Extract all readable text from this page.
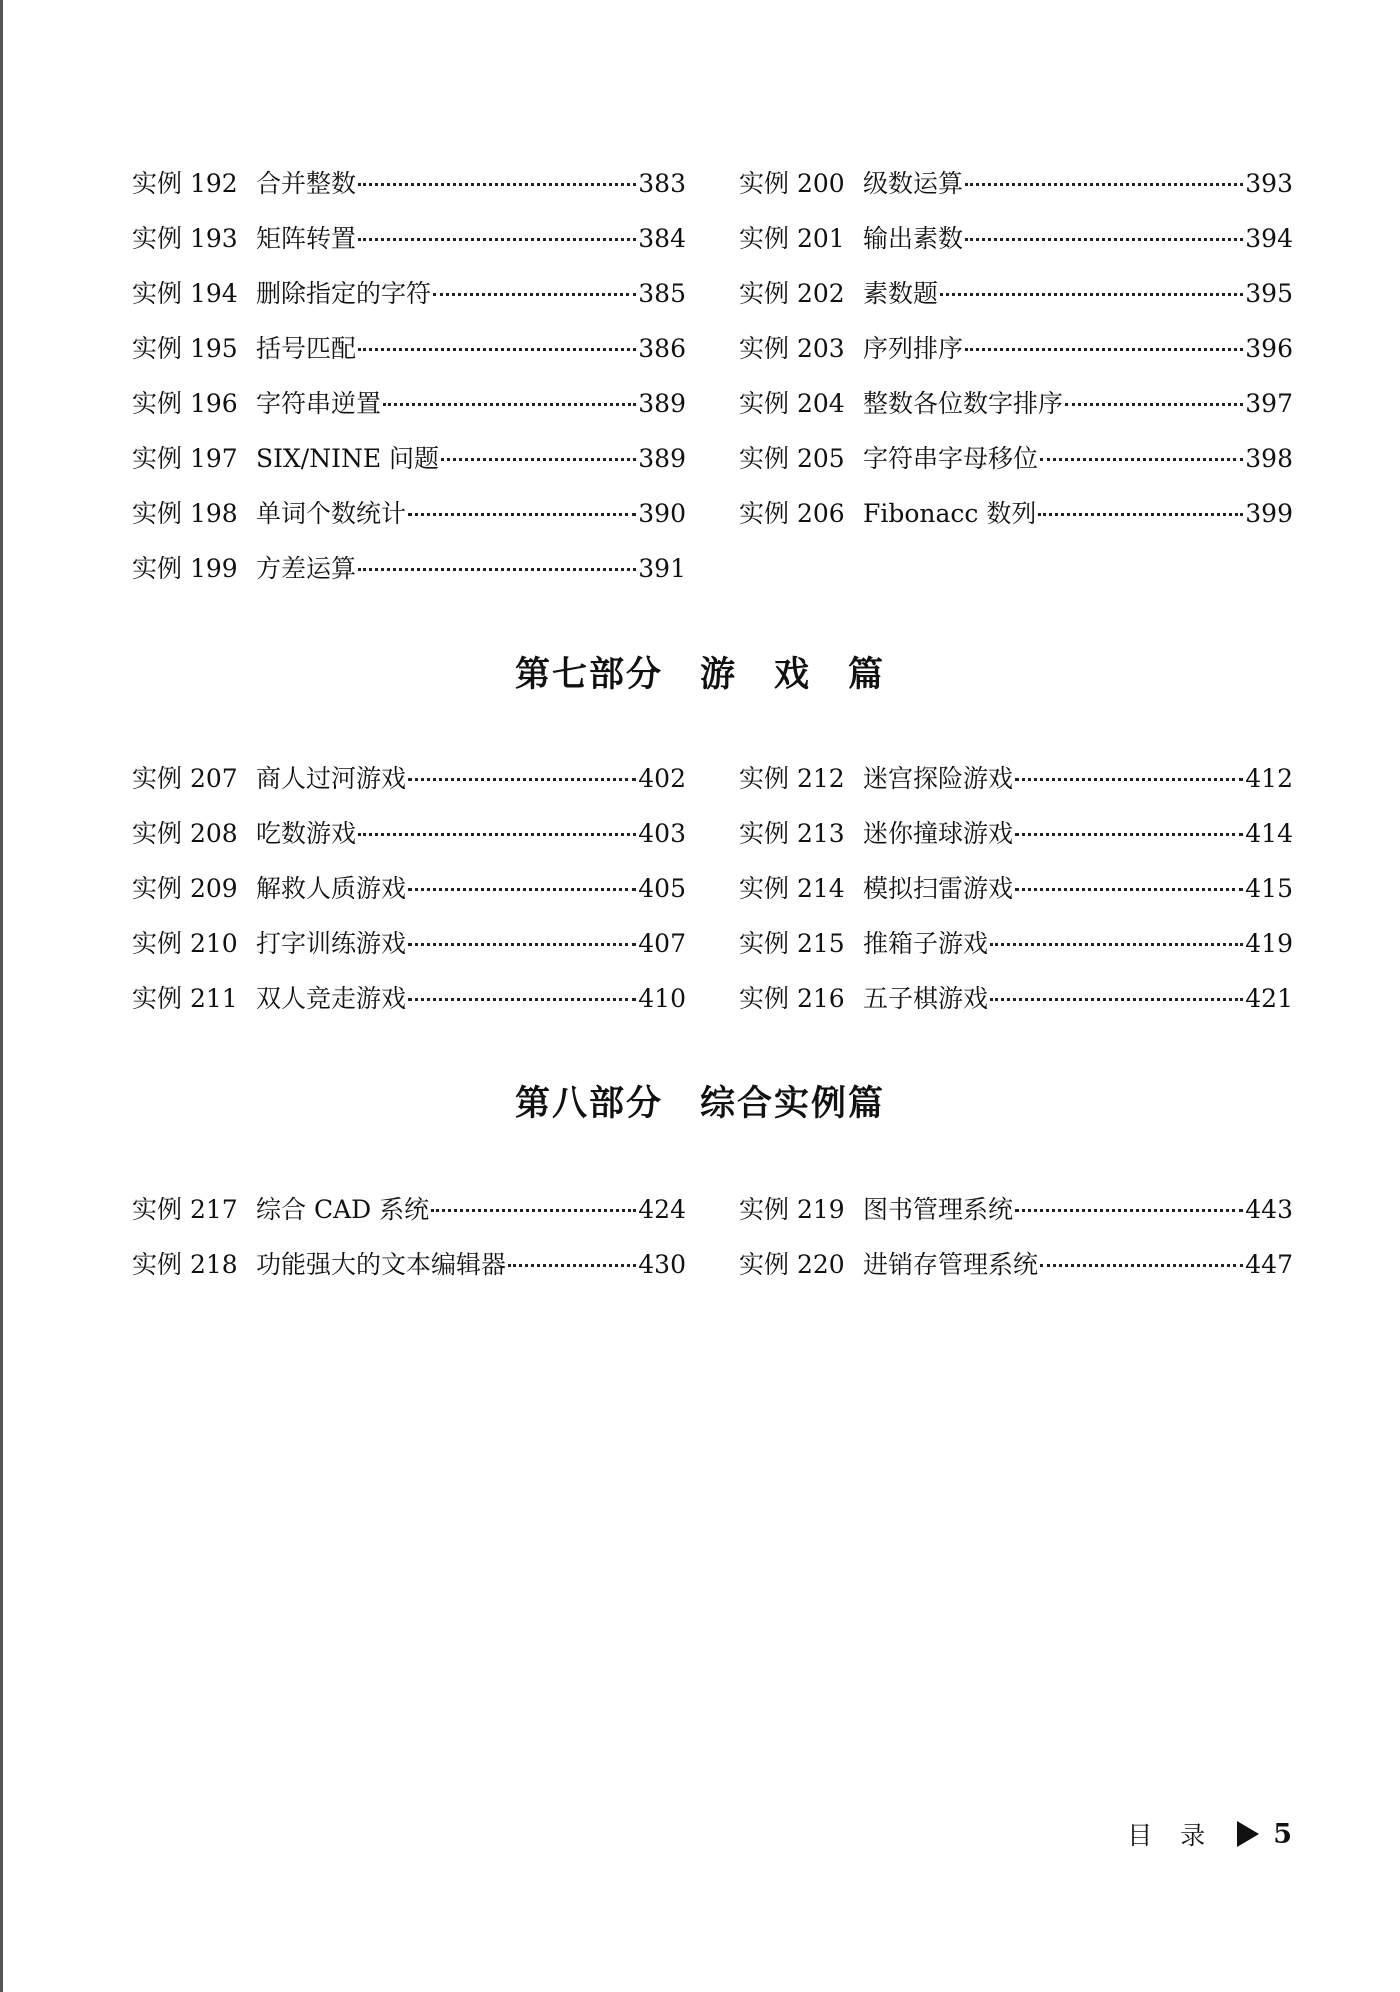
实例 192 合并整数	383
实例 193 矩阵转置	384
实例 194 删除指定的字符	385
实例 195 括号匹配	386
实例 196 字符串逆置	389
实例 197 SIX/NINE 问题	389
实例 198 单词个数统计	390
实例 199 方差运算	391
实例 200 级数运算	393
实例 201 输出素数	394
实例 202 素数题	395
实例 203 序列排序	396
实例 204 整数各位数字排序	397
实例 205 字符串字母移位	398
实例 206 Fibonacc 数列	399
第七部分　游　戏　篇
实例 207 商人过河游戏	402
实例 208 吃数游戏	403
实例 209 解救人质游戏	405
实例 210 打字训练游戏	407
实例 211 双人竞走游戏	410
实例 212 迷宫探险游戏	412
实例 213 迷你撞球游戏	414
实例 214 模拟扫雷游戏	415
实例 215 推箱子游戏	419
实例 216 五子棋游戏	421
第八部分　综合实例篇
实例 217 综合 CAD 系统	424
实例 218 功能强大的文本编辑器	430
实例 219 图书管理系统	443
实例 220 进销存管理系统	447
目录 5
